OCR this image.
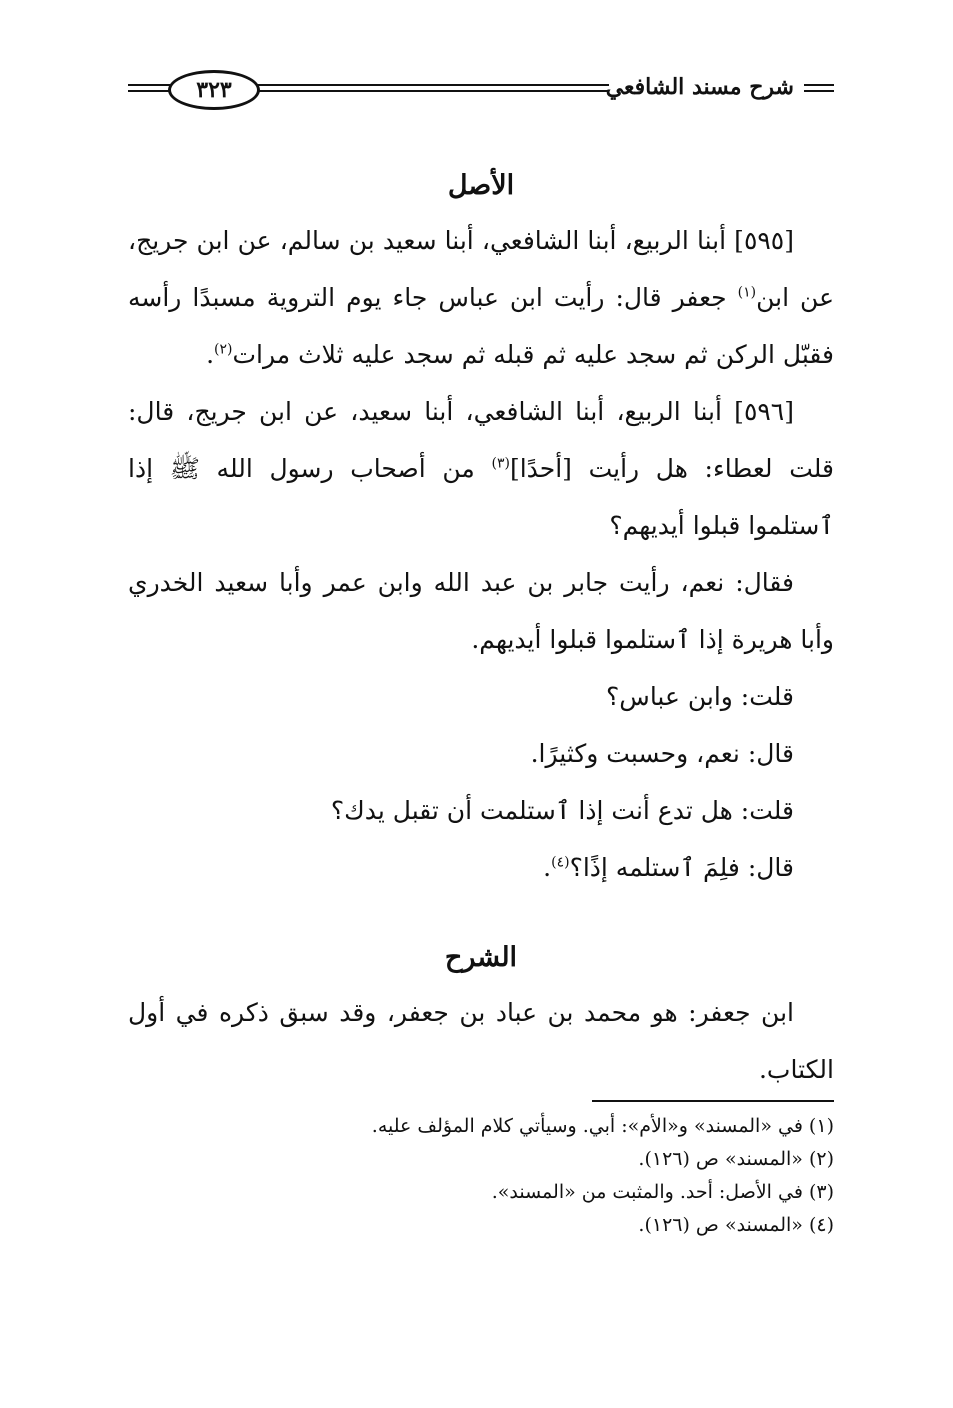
شرح مسند الشافعي
٣٢٣
الأصل

[٥٩٥] أبنا الربيع، أبنا الشافعي، أبنا سعيد بن سالم، عن ابن جريج، عن ابن$^{(١)}$ جعفر قال: رأيت ابن عباس جاء يوم التروية مسبدًا رأسه فقبّل الركن ثم سجد عليه ثم قبله ثم سجد عليه ثلاث مرات$^{(٢)}$.

[٥٩٦] أبنا الربيع، أبنا الشافعي، أبنا سعيد، عن ابن جريج، قال: قلت لعطاء: هل رأيت [أحدًا]$^{(٣)}$ من أصحاب رسول الله ﷺ إذا ٱستلموا قبلوا أيديهم؟

فقال: نعم، رأيت جابر بن عبد الله وابن عمر وأبا سعيد الخدري وأبا هريرة إذا ٱستلموا قبلوا أيديهم.

قلت: وابن عباس؟

قال: نعم، وحسبت وكثيرًا.

قلت: هل تدع أنت إذا ٱستلمت أن تقبل يدك؟

قال: فلِمَ ٱستلمه إذًا؟$^{(٤)}$.

الشرح

ابن جعفر: هو محمد بن عباد بن جعفر، وقد سبق ذكره في أول الكتاب.

(١) في «المسند» و«الأم»: أبي. وسيأتي كلام المؤلف عليه.

(٢) «المسند» ص (١٢٦).

(٣) في الأصل: أحد. والمثبت من «المسند».

(٤) «المسند» ص (١٢٦).
